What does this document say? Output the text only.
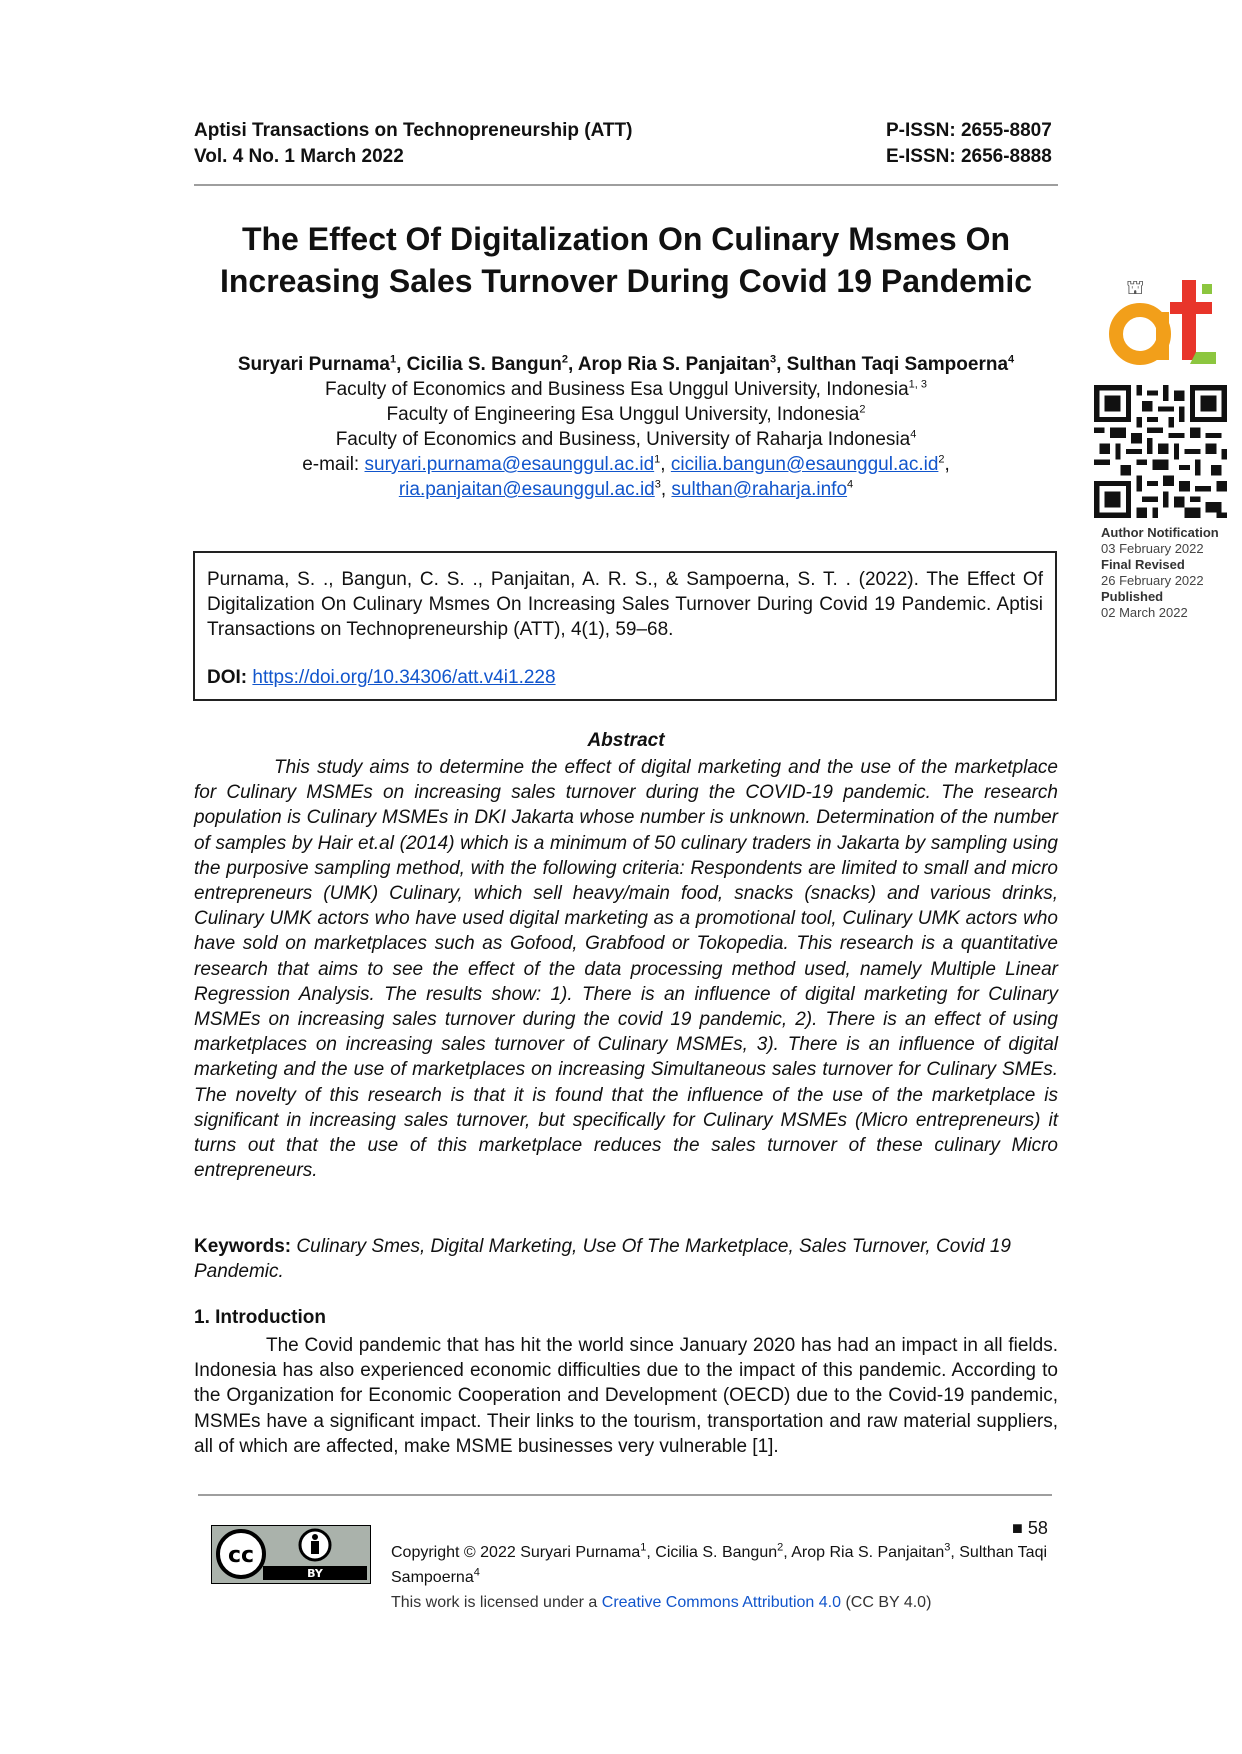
Aptisi Transactions on Technopreneurship (ATT)
Vol. 4 No. 1 March 2022
P-ISSN: 2655-8807
E-ISSN: 2656-8888
The Effect Of Digitalization On Culinary Msmes On
Increasing Sales Turnover During Covid 19 Pandemic
Suryari Purnama$^1$, Cicilia S. Bangun$^2$, Arop Ria S. Panjaitan$^3$, Sulthan Taqi Sampoerna$^4$
Faculty of Economics and Business Esa Unggul University, Indonesia$^{1, 3}$
Faculty of Engineering Esa Unggul University, Indonesia$^2$
Faculty of Economics and Business, University of Raharja Indonesia$^4$
e-mail: $suryari.purnama@esaunggul.ac.id^1$, $cicilia.bangun@esaunggul.ac.id^2$,
$ria.panjaitan@esaunggul.ac.id^3$, sulthan@raharja.info$^4$
Purnama, S. ., Bangun, C. S. ., Panjaitan, A. R. S., & Sampoerna, S. T. . (2022). The Effect Of Digitalization On Culinary Msmes On Increasing Sales Turnover During Covid 19 Pandemic. Aptisi Transactions on Technopreneurship (ATT), 4(1), 59–68.
DOI: https://doi.org/10.34306/att.v4i1.228
⛫
Author Notification
03 February 2022
Final Revised
26 February 2022
Published
02 March 2022
Abstract

This study aims to determine the effect of digital marketing and the use of the marketplace for Culinary MSMEs on increasing sales turnover during the COVID-19 pandemic. The research population is Culinary MSMEs in DKI Jakarta whose number is unknown. Determination of the number of samples by Hair et.al (2014) which is a minimum of 50 culinary traders in Jakarta by sampling using the purposive sampling method, with the following criteria: Respondents are limited to small and micro entrepreneurs (UMK) Culinary, which sell heavy/main food, snacks (snacks) and various drinks, Culinary UMK actors who have used digital marketing as a promotional tool, Culinary UMK actors who have sold on marketplaces such as Gofood, Grabfood or Tokopedia. This research is a quantitative research that aims to see the effect of the data processing method used, namely Multiple Linear Regression Analysis. The results show: 1). There is an influence of digital marketing for Culinary MSMEs on increasing sales turnover during the covid 19 pandemic, 2). There is an effect of using marketplaces on increasing sales turnover of Culinary MSMEs, 3). There is an influence of digital marketing and the use of marketplaces on increasing Simultaneous sales turnover for Culinary SMEs. The novelty of this research is that it is found that the influence of the use of the marketplace is significant in increasing sales turnover, but specifically for Culinary MSMEs (Micro entrepreneurs) it turns out that the use of this marketplace reduces the sales turnover of these culinary Micro entrepreneurs.

Keywords: Culinary Smes, Digital Marketing, Use Of The Marketplace, Sales Turnover, Covid 19 Pandemic.
1. Introduction

The Covid pandemic that has hit the world since January 2020 has had an impact in all fields. Indonesia has also experienced economic difficulties due to the impact of this pandemic. According to the Organization for Economic Cooperation and Development (OECD) due to the Covid-19 pandemic, MSMEs have a significant impact. Their links to the tourism, transportation and raw material suppliers, all of which are affected, make MSME businesses very vulnerable [1].

■ 58
cc
BY
Copyright © 2022 Suryari Purnama$^1$, Cicilia S. Bangun$^2$, Arop Ria S. Panjaitan$^3$, Sulthan Taqi Sampoerna$^4$
This work is licensed under a Creative Commons Attribution 4.0 (CC BY 4.0)
